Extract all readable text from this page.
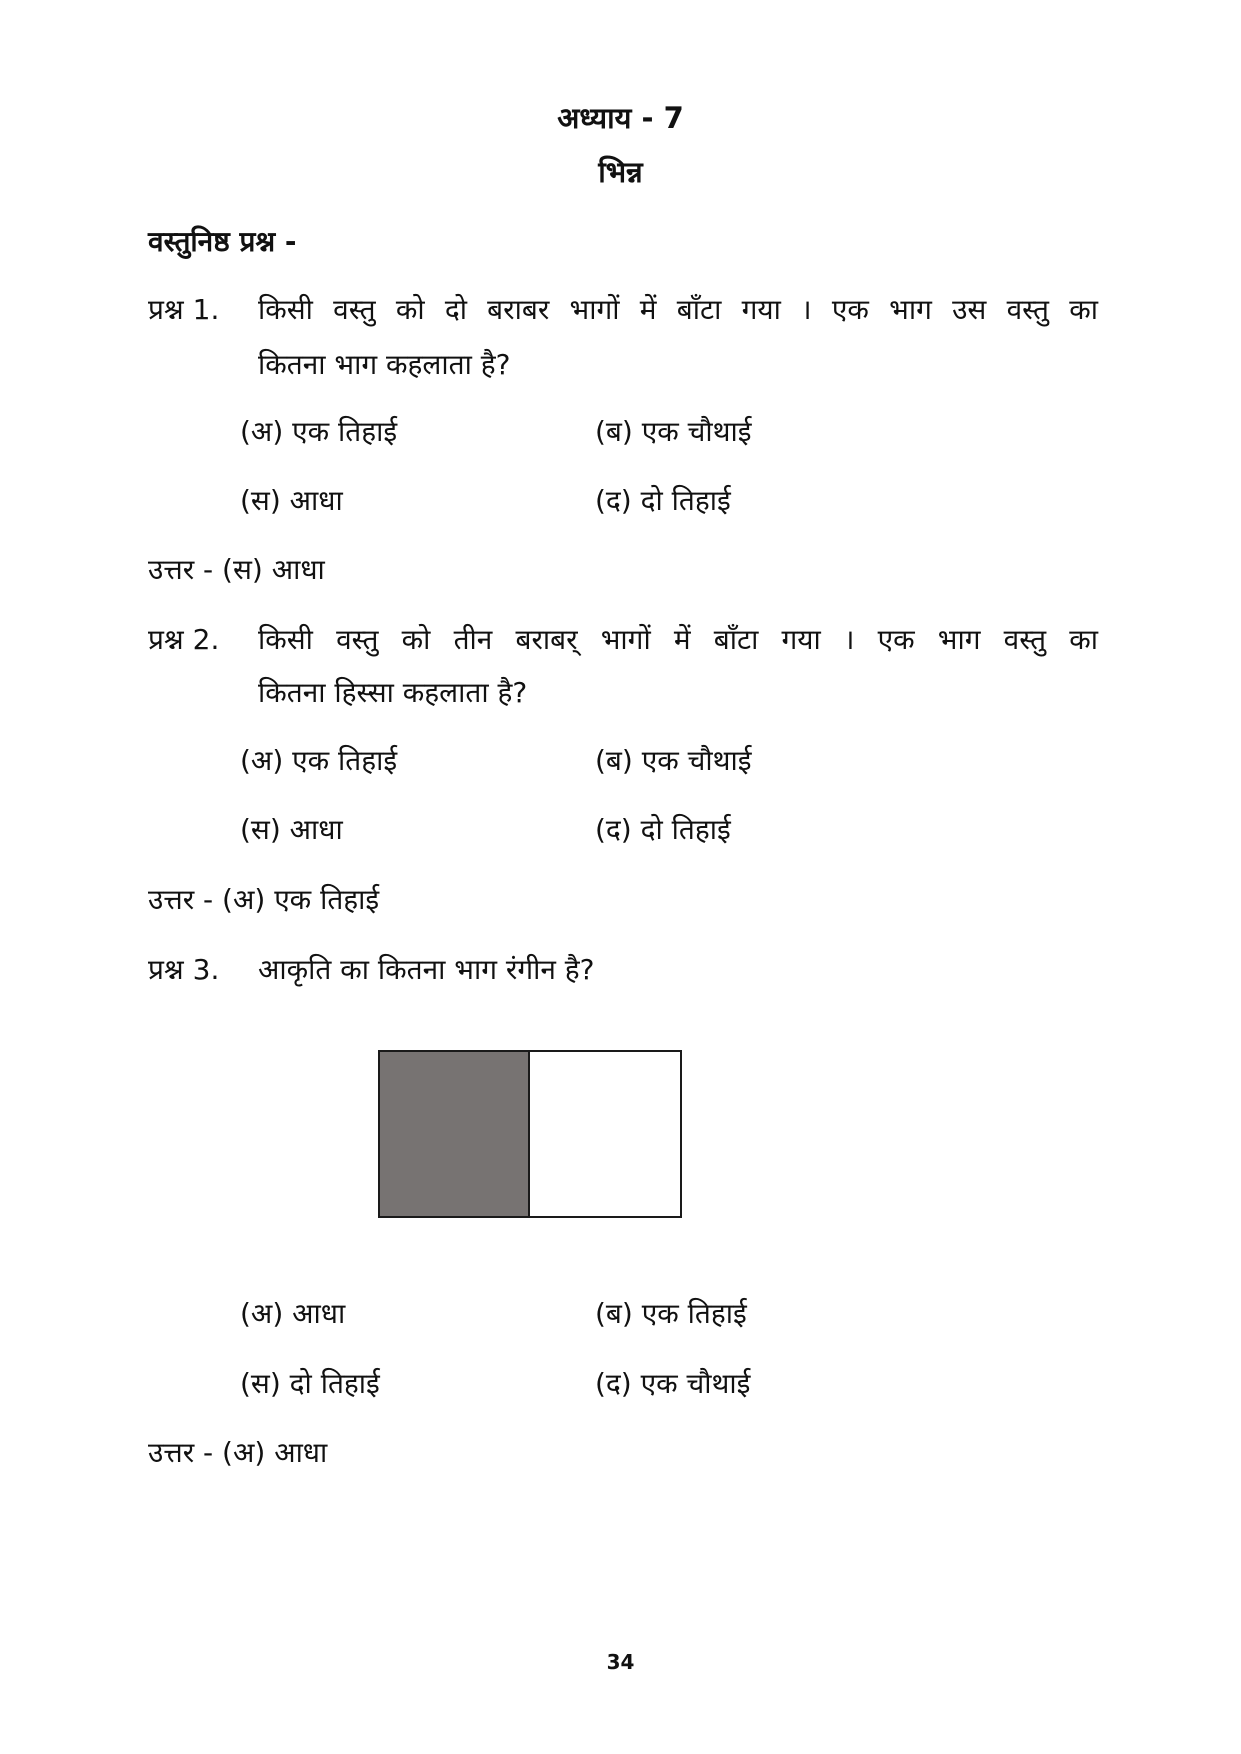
अध्याय - 7
भिन्न
वस्तुनिष्ठ प्रश्न -
प्रश्न 1. किसी वस्तु को दो बराबर भागों में बाँटा गया । एक भाग उस वस्तु का
कितना भाग कहलाता है?
(अ) एक तिहाई	(ब) एक चौथाई
(स) आधा	(द) दो तिहाई
उत्तर - (स) आधा
प्रश्न 2. किसी वस्तु को तीन बराबर् भागों में बाँटा गया । एक भाग वस्तु का
कितना हिस्सा कहलाता है?
(अ) एक तिहाई	(ब) एक चौथाई
(स) आधा	(द) दो तिहाई
उत्तर - (अ) एक तिहाई
प्रश्न 3. आकृति का कितना भाग रंगीन है?
(अ) आधा	(ब) एक तिहाई
(स) दो तिहाई	(द) एक चौथाई
उत्तर - (अ) आधा
34
